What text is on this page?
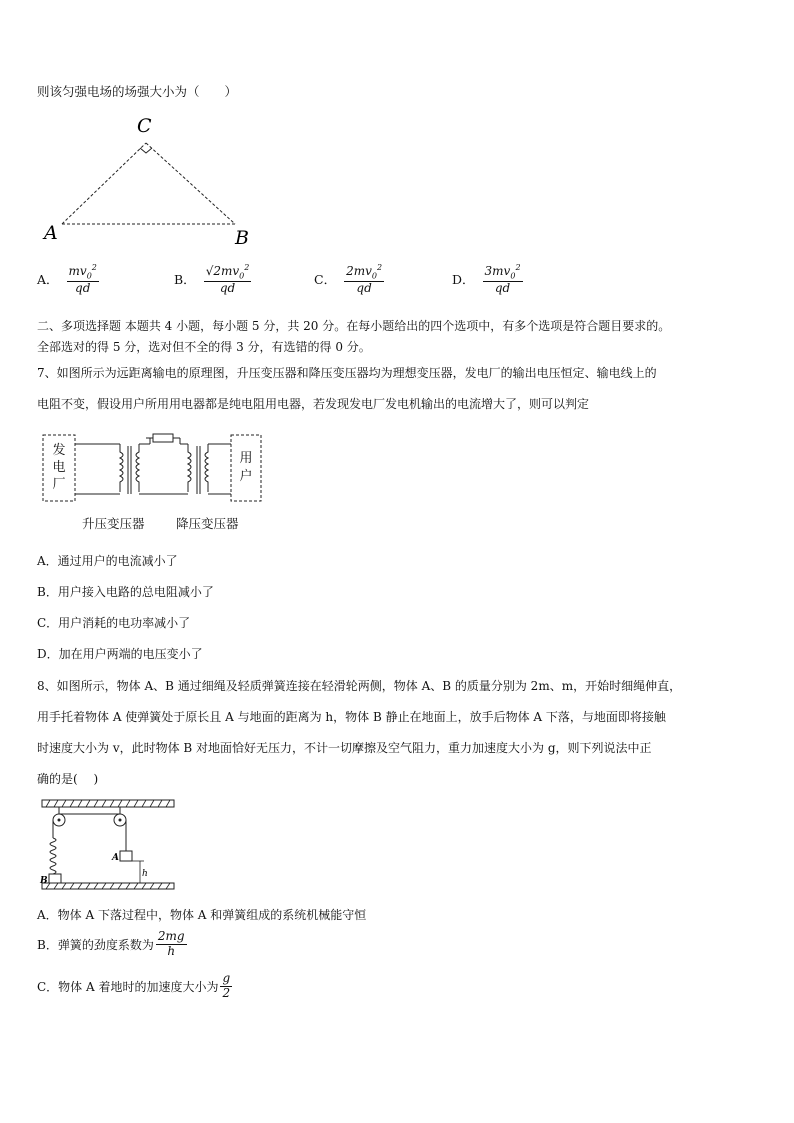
则该匀强电场的场强大小为（　　）
C
A	B
A． $\frac{mv_0^2}{qd}$	B． $\frac{√2mv_0^2}{qd}$	C． $\frac{2mv_0^2}{qd}$	D． $\frac{3mv_0^2}{qd}$
二、多项选择题 本题共 4 小题，每小题 5 分，共 20 分。在每小题给出的四个选项中，有多个选项是符合题目要求的。
全部选对的得 5 分，选对但不全的得 3 分，有选错的得 0 分。
7、如图所示为远距离输电的原理图，升压变压器和降压变压器均为理想变压器，发电厂的输出电压恒定、输电线上的
电阻不变，假设用户所用用电器都是纯电阻用电器，若发现发电厂发电机输出的电流增大了，则可以判定
发
电
厂
用
户
升压变压器	降压变压器
A．通过用户的电流减小了
B．用户接入电路的总电阻减小了
C．用户消耗的电功率减小了
D．加在用户两端的电压变小了
8、如图所示，物体 A、B 通过细绳及轻质弹簧连接在轻滑轮两侧，物体 A、B 的质量分别为 2m、m，开始时细绳伸直，
用手托着物体 A 使弹簧处于原长且 A 与地面的距离为 h，物体 B 静止在地面上，放手后物体 A 下落，与地面即将接触
时速度大小为 v，此时物体 B 对地面恰好无压力，不计一切摩擦及空气阻力，重力加速度大小为 g，则下列说法中正
确的是(　 )
h
A
B
A．物体 A 下落过程中，物体 A 和弹簧组成的系统机械能守恒
B．弹簧的劲度系数为 $\frac{2mg}{h}$
C．物体 A 着地时的加速度大小为 $\frac{g}{2}$
